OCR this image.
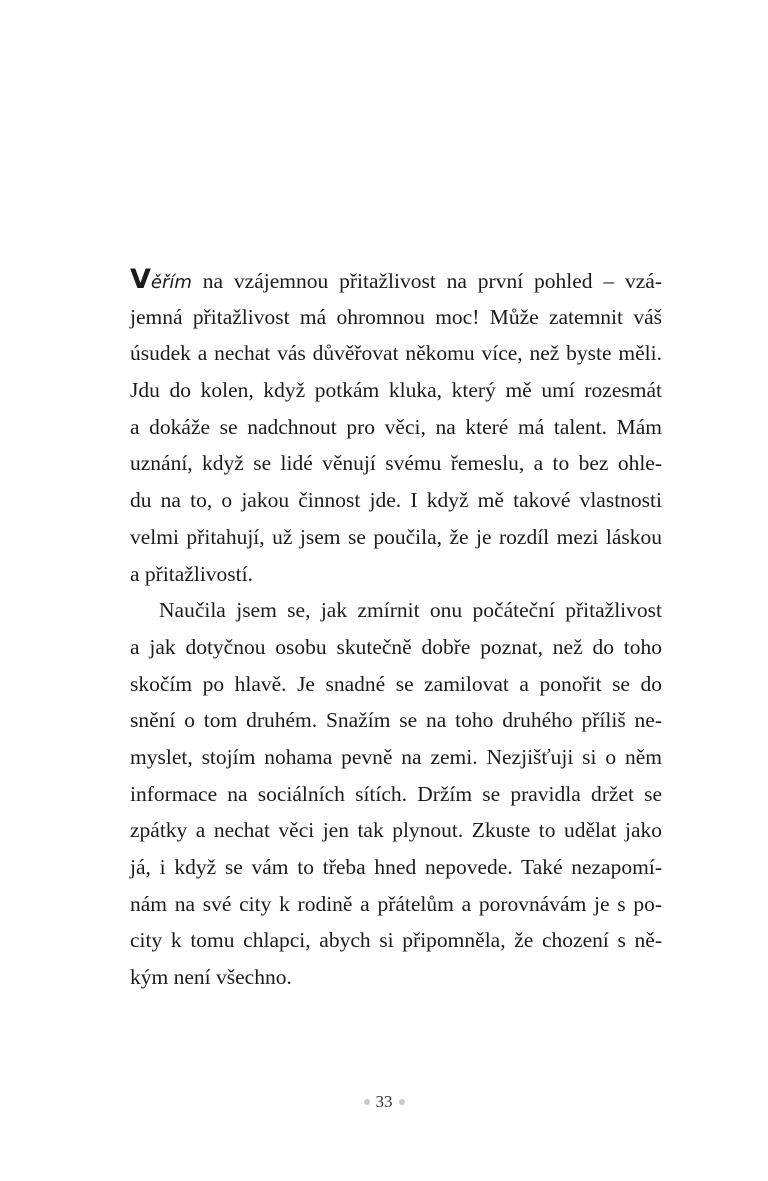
Věřím na vzájemnou přitažlivost na první pohled – vzá-
jemná přitažlivost má ohromnou moc! Může zatemnit váš
úsudek a nechat vás důvěřovat někomu více, než byste měli.
Jdu do kolen, když potkám kluka, který mě umí rozesmát
a dokáže se nadchnout pro věci, na které má talent. Mám
uznání, když se lidé věnují svému řemeslu, a to bez ohle-
du na to, o jakou činnost jde. I když mě takové vlastnosti
velmi přitahují, už jsem se poučila, že je rozdíl mezi láskou
a přitažlivostí.
Naučila jsem se, jak zmírnit onu počáteční přitažlivost
a jak dotyčnou osobu skutečně dobře poznat, než do toho
skočím po hlavě. Je snadné se zamilovat a ponořit se do
snění o tom druhém. Snažím se na toho druhého příliš ne-
myslet, stojím nohama pevně na zemi. Nezjišťuji si o něm
informace na sociálních sítích. Držím se pravidla držet se
zpátky a nechat věci jen tak plynout. Zkuste to udělat jako
já, i když se vám to třeba hned nepovede. Také nezapomí-
nám na své city k rodině a přátelům a porovnávám je s po-
city k tomu chlapci, abych si připomněla, že chození s ně-
kým není všechno.
33
